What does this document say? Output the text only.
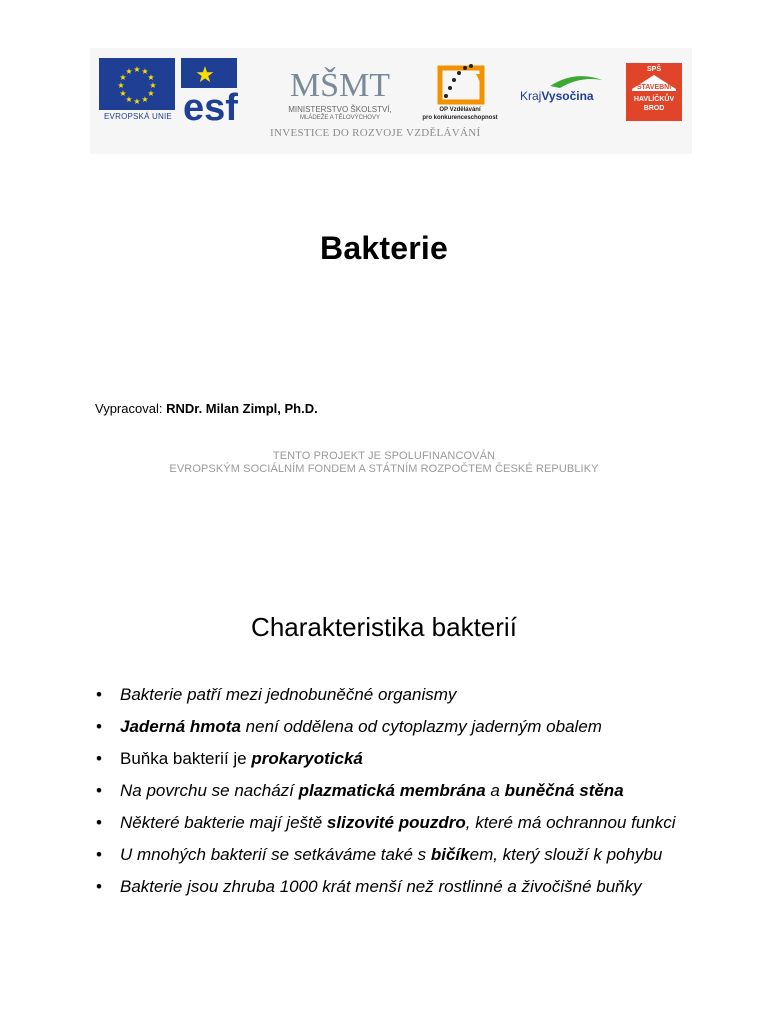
★ ★
★
★
★
★
★
★
★
★
★
★
EVROPSKÁ UNIE
★
esf
MŠMT
MINISTERSTVO ŠKOLSTVÍ,
MLÁDEŽE A TĚLOVÝCHOVY
INVESTICE DO ROZVOJE VZDĚLÁVÁNÍ
OP Vzdělávání
pro konkurenceschopnost
KrajVysočina
SPŠ
STAVEBNÍ
HAVLÍČKŮV
BROD
Bakterie
Vypracoval: RNDr. Milan Zimpl, Ph.D.
TENTO PROJEKT JE SPOLUFINANCOVÁN
EVROPSKÝM SOCIÁLNÍM FONDEM A STÁTNÍM ROZPOČTEM ČESKÉ REPUBLIKY
Charakteristika bakterií
• Bakterie patří mezi jednobuněčné organismy
• Jaderná hmota není oddělena od cytoplazmy jaderným obalem
• Buňka bakterií je prokaryotická
• Na povrchu se nachází plazmatická membrána a buněčná stěna
• Některé bakterie mají ještě slizovité pouzdro, které má ochrannou funkci
• U mnohých bakterií se setkáváme také s bičíkem, který slouží k pohybu
• Bakterie jsou zhruba 1000 krát menší než rostlinné a živočišné buňky
